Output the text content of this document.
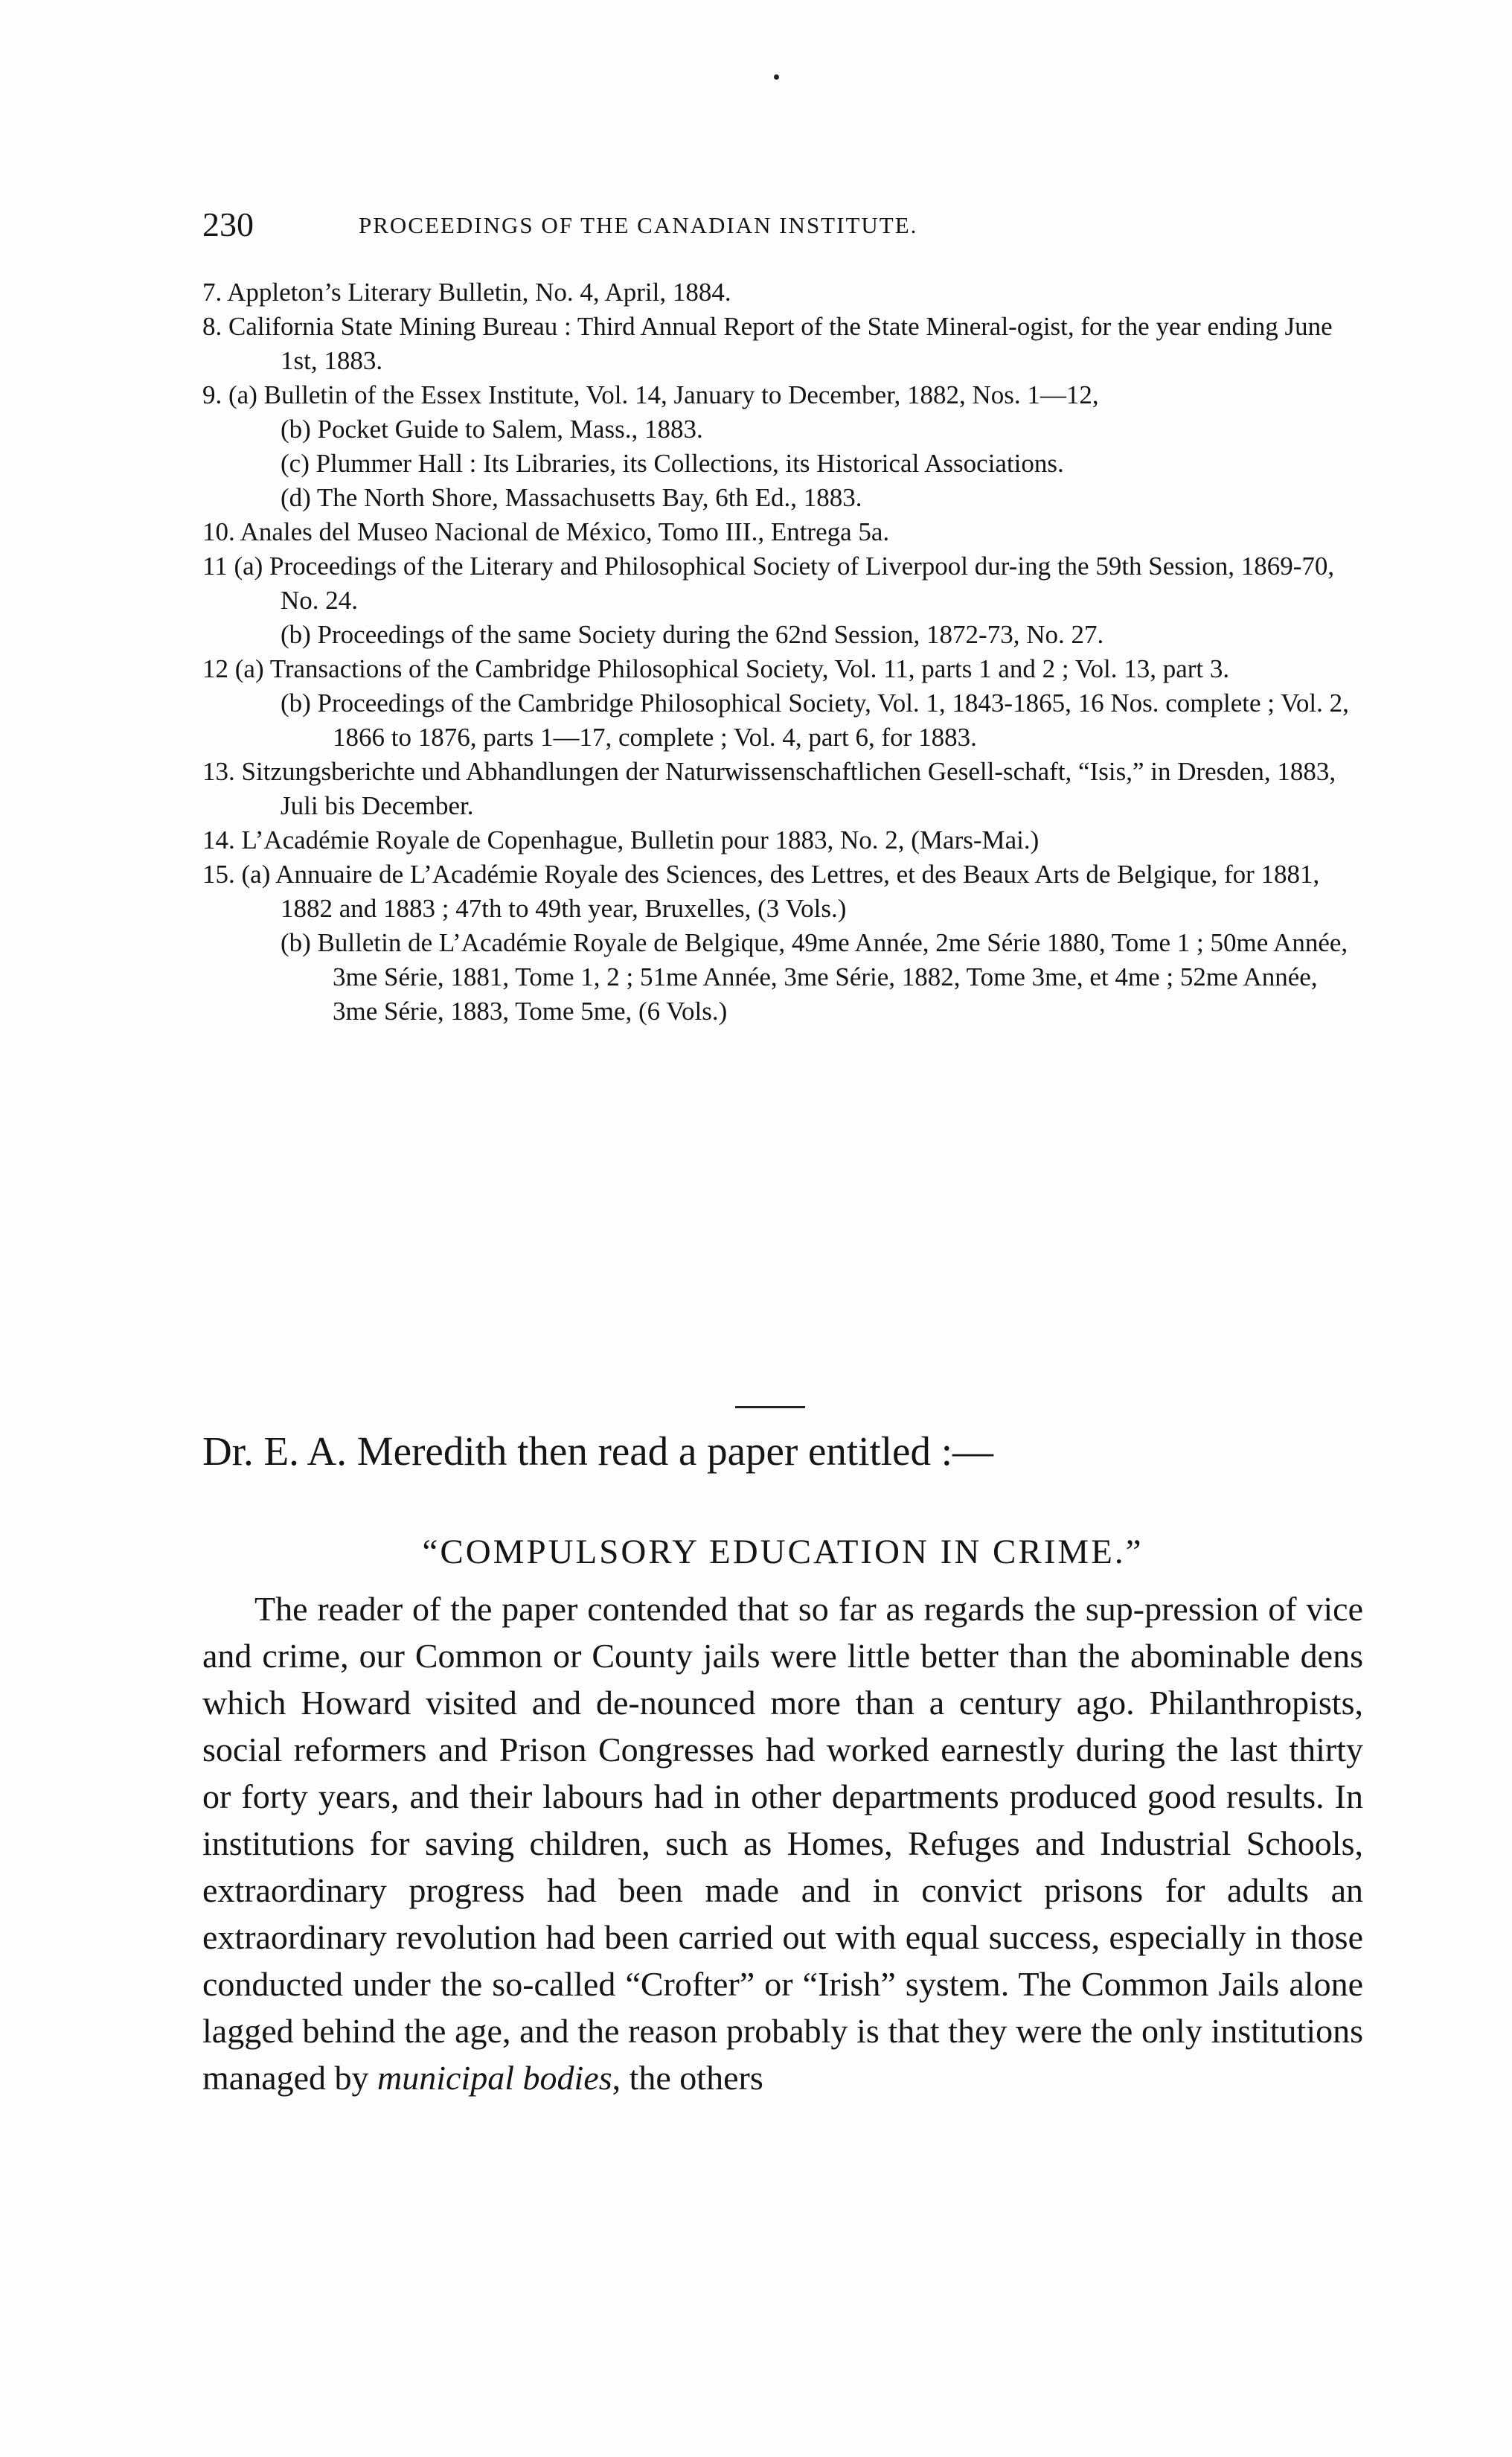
230	PROCEEDINGS OF THE CANADIAN INSTITUTE.
7. Appleton’s Literary Bulletin, No. 4, April, 1884.
8. California State Mining Bureau : Third Annual Report of the State Mineral-ogist, for the year ending June 1st, 1883.
9. (a) Bulletin of the Essex Institute, Vol. 14, January to December, 1882, Nos. 1—12,
(b) Pocket Guide to Salem, Mass., 1883.
(c) Plummer Hall : Its Libraries, its Collections, its Historical Associations.
(d) The North Shore, Massachusetts Bay, 6th Ed., 1883.
10. Anales del Museo Nacional de México, Tomo III., Entrega 5a.
11 (a) Proceedings of the Literary and Philosophical Society of Liverpool dur-ing the 59th Session, 1869-70, No. 24.
(b) Proceedings of the same Society during the 62nd Session, 1872-73, No. 27.
12 (a) Transactions of the Cambridge Philosophical Society, Vol. 11, parts 1 and 2 ; Vol. 13, part 3.
(b) Proceedings of the Cambridge Philosophical Society, Vol. 1, 1843-1865, 16 Nos. complete ; Vol. 2, 1866 to 1876, parts 1—17, complete ; Vol. 4, part 6, for 1883.
13. Sitzungsberichte und Abhandlungen der Naturwissenschaftlichen Gesell-schaft, “Isis,” in Dresden, 1883, Juli bis December.
14. L’Académie Royale de Copenhague, Bulletin pour 1883, No. 2, (Mars-Mai.)
15. (a) Annuaire de L’Académie Royale des Sciences, des Lettres, et des Beaux Arts de Belgique, for 1881, 1882 and 1883 ; 47th to 49th year, Bruxelles, (3 Vols.)
(b) Bulletin de L’Académie Royale de Belgique, 49me Année, 2me Série 1880, Tome 1 ; 50me Année, 3me Série, 1881, Tome 1, 2 ; 51me Année, 3me Série, 1882, Tome 3me, et 4me ; 52me Année, 3me Série, 1883, Tome 5me, (6 Vols.)
Dr. E. A. Meredith then read a paper entitled :—
“COMPULSORY EDUCATION IN CRIME.”
The reader of the paper contended that so far as regards the sup-pression of vice and crime, our Common or County jails were little better than the abominable dens which Howard visited and de-nounced more than a century ago. Philanthropists, social reformers and Prison Congresses had worked earnestly during the last thirty or forty years, and their labours had in other departments produced good results. In institutions for saving children, such as Homes, Refuges and Industrial Schools, extraordinary progress had been made and in convict prisons for adults an extraordinary revolution had been carried out with equal success, especially in those conducted under the so-called “Crofter” or “Irish” system. The Common Jails alone lagged behind the age, and the reason probably is that they were the only institutions managed by municipal bodies, the others
